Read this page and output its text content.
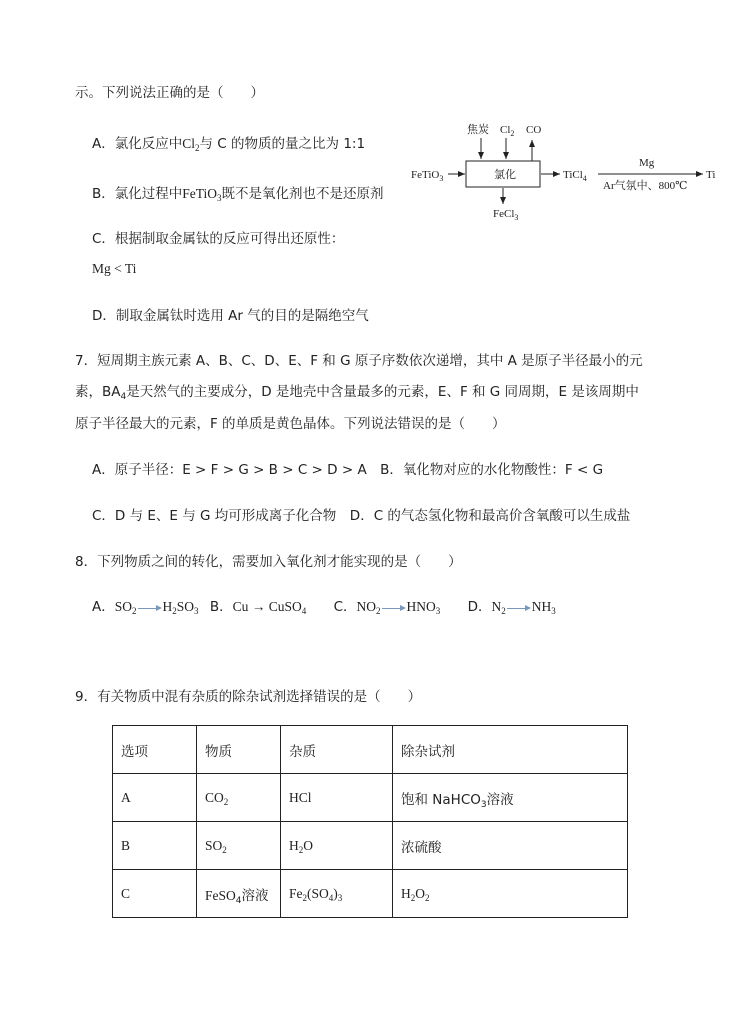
示。下列说法正确的是（　　）
A．氯化反应中$Cl_2$与 C 的物质的量之比为 1:1
B．氯化过程中FeTiO$_3$既不是氧化剂也不是还原剂
C．根据制取金属钛的反应可得出还原性：
Mg < Ti
D．制取金属钛时选用 Ar 气的目的是隔绝空气
焦炭 $Cl_2$ CO
氯化
FeTiO$_3$
FeCl$_3$
TiCl$_4$
Mg
Ar气氛中、800℃
Ti
7．短周期主族元素 A、B、C、D、E、F 和 G 原子序数依次递增，其中 A 是原子半径最小的元
素，$BA_4$是天然气的主要成分，D 是地壳中含量最多的元素，E、F 和 G 同周期，E 是该周期中
原子半径最大的元素，F 的单质是黄色晶体。下列说法错误的是（　　）
A．原子半径：E > F > G > B > C > D > A　B．氧化物对应的水化物酸性：F < G
C．D 与 E、E 与 G 均可形成离子化合物　D．C 的气态氢化物和最高价含氧酸可以生成盐
8．下列物质之间的转化，需要加入氧化剂才能实现的是（　　）
A．$SO_2$ $H_2SO_3$ B．Cu → CuSO$_4$ C．$NO_2$ $HNO_3$ D．$N_2$ $NH_3$
9．有关物质中混有杂质的除杂试剂选择错误的是（　　）
选项	物质	杂质	除杂试剂
A	$CO_2$	HCl	饱和 NaHCO$_3$溶液
B	$SO_2$	$H_2O$	浓硫酸
C	FeSO$_4$溶液	$Fe_2(SO_4)_3$	$H_2O_2$
